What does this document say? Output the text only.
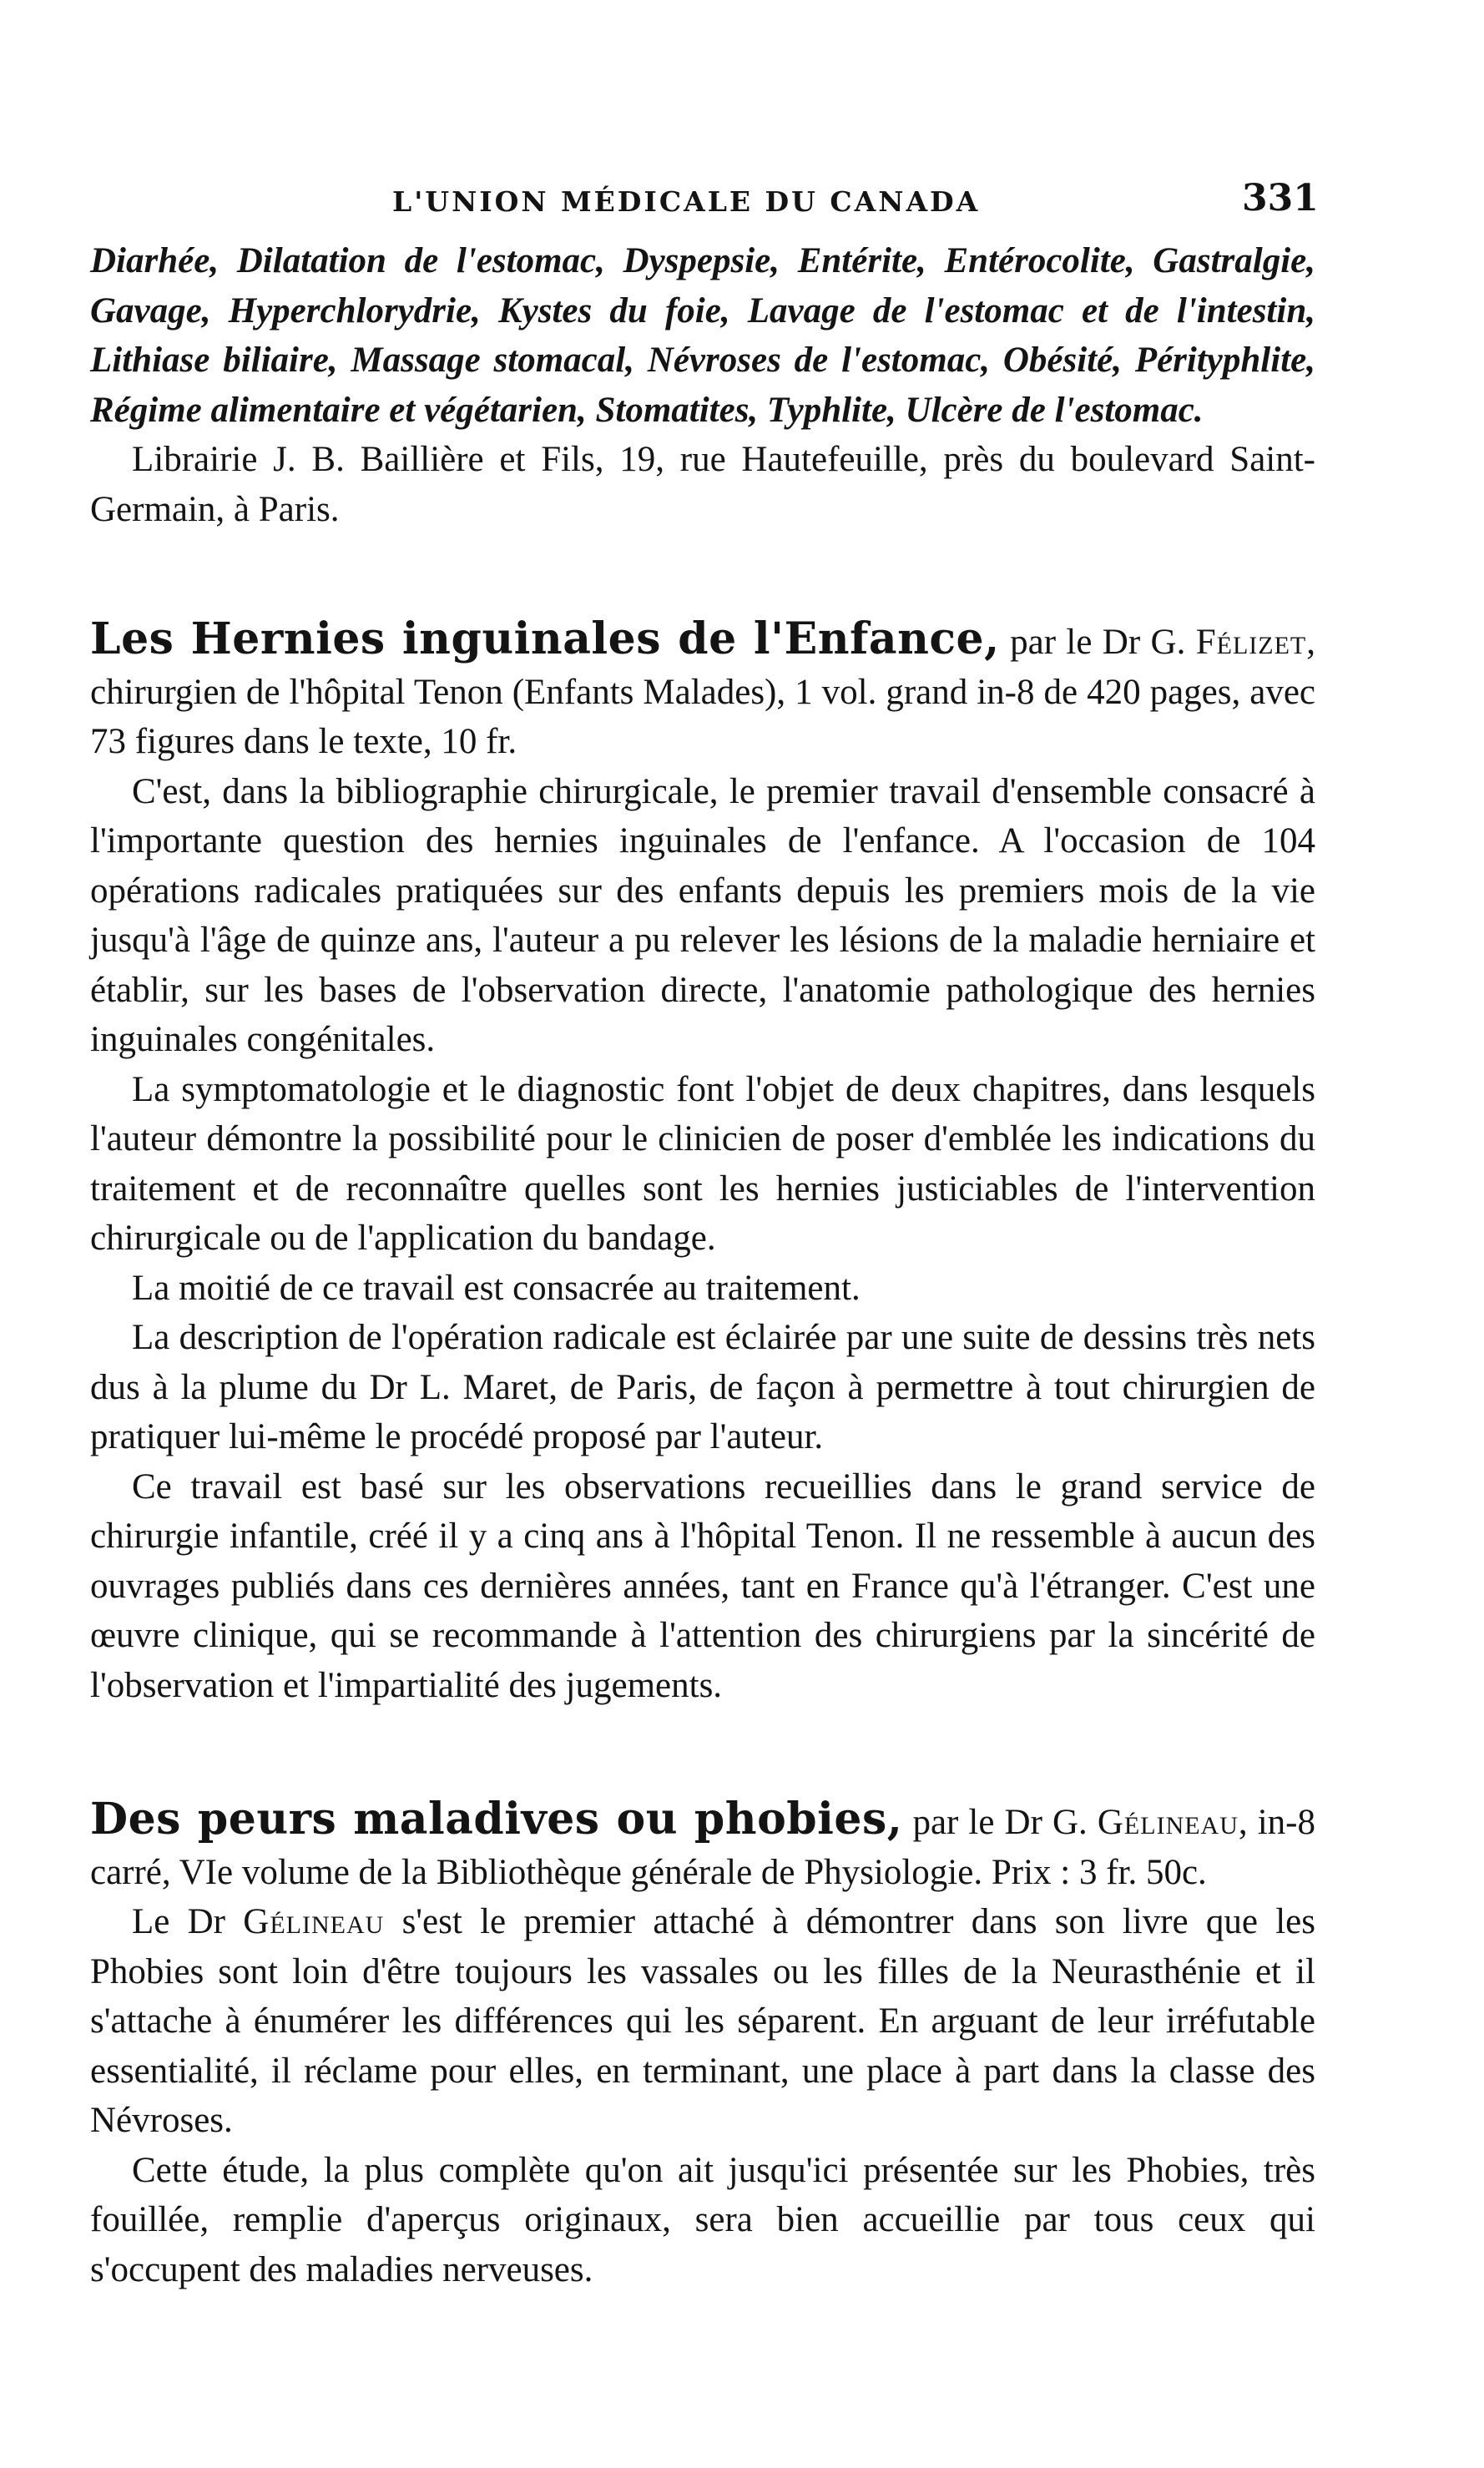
L'UNION MÉDICALE DU CANADA	331

Diarhée, Dilatation de l'estomac, Dyspepsie, Entérite, Entérocolite, Gastralgie, Gavage, Hyperchlorydrie, Kystes du foie, Lavage de l'estomac et de l'intestin, Lithiase biliaire, Massage stomacal, Névroses de l'estomac, Obésité, Pérityphlite, Régime alimentaire et végétarien, Stomatites, Typhlite, Ulcère de l'estomac.

Librairie J. B. Baillière et Fils, 19, rue Hautefeuille, près du boulevard Saint-Germain, à Paris.

Les Hernies inguinales de l'Enfance, par le Dr G. Félizet, chirurgien de l'hôpital Tenon (Enfants Malades), 1 vol. grand in-8 de 420 pages, avec 73 figures dans le texte, 10 fr.

C'est, dans la bibliographie chirurgicale, le premier travail d'ensemble consacré à l'importante question des hernies inguinales de l'enfance. A l'occasion de 104 opérations radicales pratiquées sur des enfants depuis les premiers mois de la vie jusqu'à l'âge de quinze ans, l'auteur a pu relever les lésions de la maladie herniaire et établir, sur les bases de l'observation directe, l'anatomie pathologique des hernies inguinales congénitales.

La symptomatologie et le diagnostic font l'objet de deux chapitres, dans lesquels l'auteur démontre la possibilité pour le clinicien de poser d'emblée les indications du traitement et de reconnaître quelles sont les hernies justiciables de l'intervention chirurgicale ou de l'application du bandage.

La moitié de ce travail est consacrée au traitement.

La description de l'opération radicale est éclairée par une suite de dessins très nets dus à la plume du Dr L. Maret, de Paris, de façon à permettre à tout chirurgien de pratiquer lui-même le procédé proposé par l'auteur.

Ce travail est basé sur les observations recueillies dans le grand service de chirurgie infantile, créé il y a cinq ans à l'hôpital Tenon. Il ne ressemble à aucun des ouvrages publiés dans ces dernières années, tant en France qu'à l'étranger. C'est une œuvre clinique, qui se recommande à l'attention des chirurgiens par la sincérité de l'observation et l'impartialité des jugements.

Des peurs maladives ou phobies, par le Dr G. Gélineau, in-8 carré, VIe volume de la Bibliothèque générale de Physiologie. Prix : 3 fr. 50c.

Le Dr Gélineau s'est le premier attaché à démontrer dans son livre que les Phobies sont loin d'être toujours les vassales ou les filles de la Neurasthénie et il s'attache à énumérer les différences qui les séparent. En arguant de leur irréfutable essentialité, il réclame pour elles, en terminant, une place à part dans la classe des Névroses.

Cette étude, la plus complète qu'on ait jusqu'ici présentée sur les Phobies, très fouillée, remplie d'aperçus originaux, sera bien accueillie par tous ceux qui s'occupent des maladies nerveuses.
